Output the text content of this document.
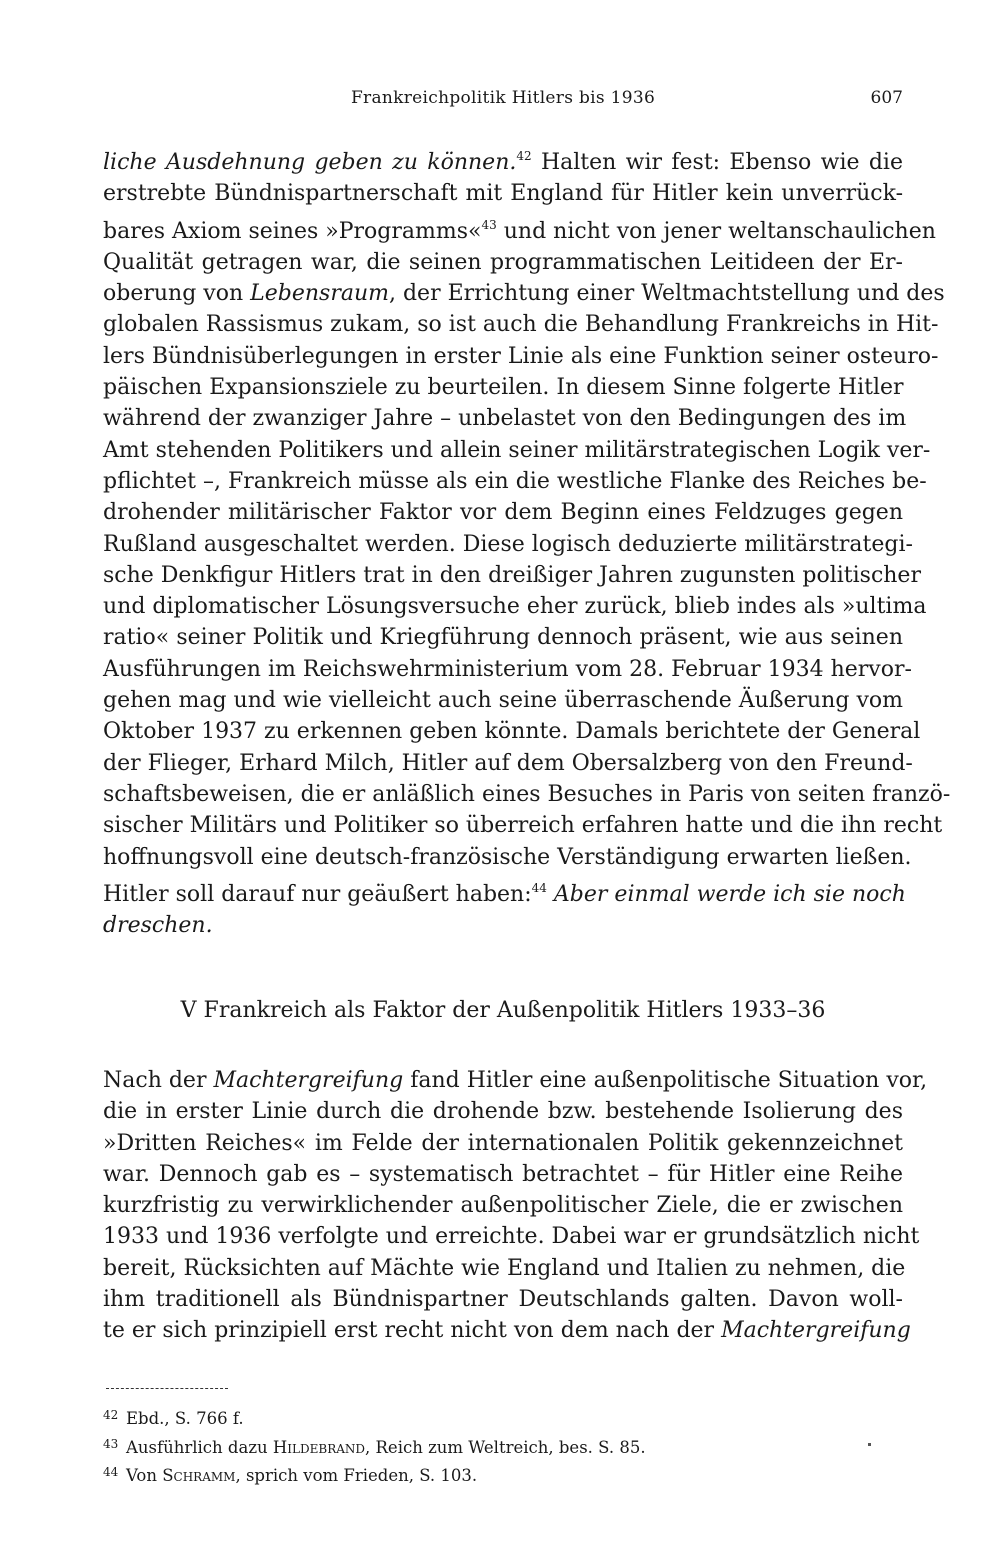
Frankreichpolitik Hitlers bis 1936	607
liche Ausdehnung geben zu können.$^{42}$ Halten wir fest: Ebenso wie die
erstrebte Bündnispartnerschaft mit England für Hitler kein unverrück-
bares Axiom seines »Programms«$^{43}$ und nicht von jener weltanschaulichen
Qualität getragen war, die seinen programmatischen Leitideen der Er-
oberung von Lebensraum, der Errichtung einer Weltmachtstellung und des
globalen Rassismus zukam, so ist auch die Behandlung Frankreichs in Hit-
lers Bündnisüberlegungen in erster Linie als eine Funktion seiner osteuro-
päischen Expansionsziele zu beurteilen. In diesem Sinne folgerte Hitler
während der zwanziger Jahre – unbelastet von den Bedingungen des im
Amt stehenden Politikers und allein seiner militärstrategischen Logik ver-
pflichtet –, Frankreich müsse als ein die westliche Flanke des Reiches be-
drohender militärischer Faktor vor dem Beginn eines Feldzuges gegen
Rußland ausgeschaltet werden. Diese logisch deduzierte militärstrategi-
sche Denkfigur Hitlers trat in den dreißiger Jahren zugunsten politischer
und diplomatischer Lösungsversuche eher zurück, blieb indes als »ultima
ratio« seiner Politik und Kriegführung dennoch präsent, wie aus seinen
Ausführungen im Reichswehrministerium vom 28. Februar 1934 hervor-
gehen mag und wie vielleicht auch seine überraschende Äußerung vom
Oktober 1937 zu erkennen geben könnte. Damals berichtete der General
der Flieger, Erhard Milch, Hitler auf dem Obersalzberg von den Freund-
schaftsbeweisen, die er anläßlich eines Besuches in Paris von seiten franzö-
sischer Militärs und Politiker so überreich erfahren hatte und die ihn recht
hoffnungsvoll eine deutsch-französische Verständigung erwarten ließen.
Hitler soll darauf nur geäußert haben:$^{44}$ Aber einmal werde ich sie noch
dreschen.
V Frankreich als Faktor der Außenpolitik Hitlers 1933–36
Nach der Machtergreifung fand Hitler eine außenpolitische Situation vor,
die in erster Linie durch die drohende bzw. bestehende Isolierung des
»Dritten Reiches« im Felde der internationalen Politik gekennzeichnet
war. Dennoch gab es – systematisch betrachtet – für Hitler eine Reihe
kurzfristig zu verwirklichender außenpolitischer Ziele, die er zwischen
1933 und 1936 verfolgte und erreichte. Dabei war er grundsätzlich nicht
bereit, Rücksichten auf Mächte wie England und Italien zu nehmen, die
ihm traditionell als Bündnispartner Deutschlands galten. Davon woll-
te er sich prinzipiell erst recht nicht von dem nach der Machtergreifung
42 Ebd., S. 766 f.
43 Ausführlich dazu Hildebrand, Reich zum Weltreich, bes. S. 85.
44 Von Schramm, sprich vom Frieden, S. 103.
